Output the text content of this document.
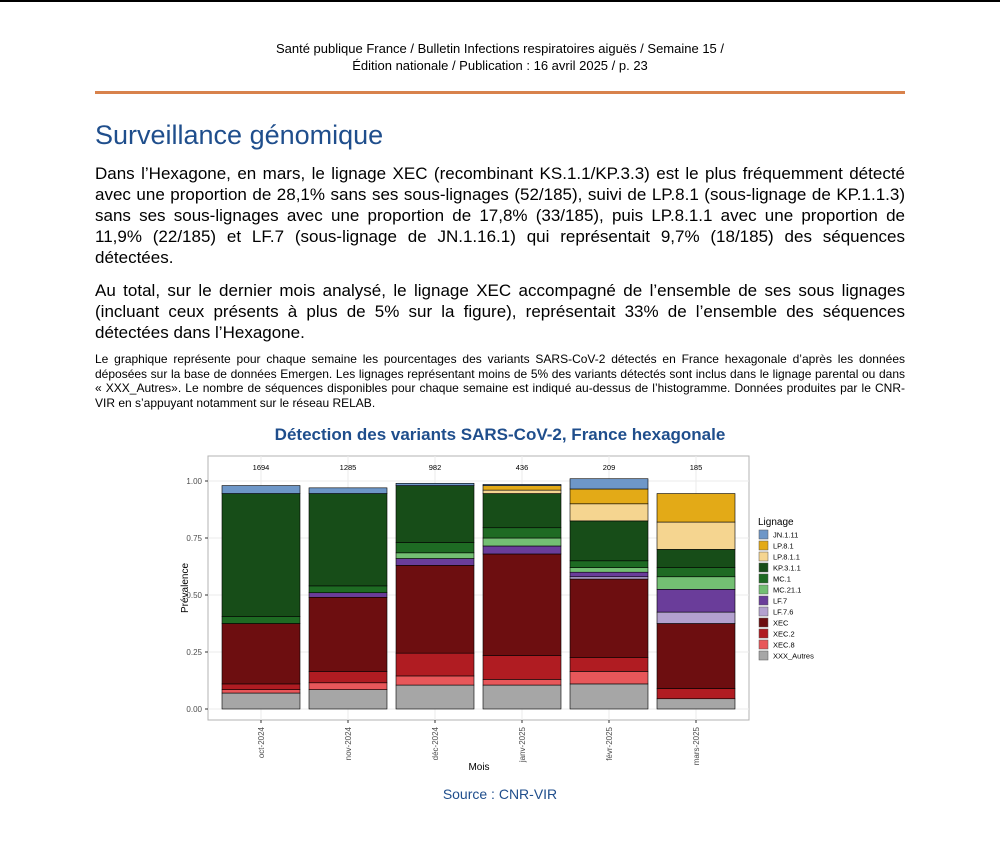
Santé publique France / Bulletin Infections respiratoires aiguës / Semaine 15 /
Édition nationale / Publication : 16 avril 2025 / p. 23
Surveillance génomique

Dans l’Hexagone, en mars, le lignage XEC (recombinant KS.1.1/KP.3.3) est le plus fréquemment détecté avec une proportion de 28,1% sans ses sous-lignages (52/185), suivi de LP.8.1 (sous-lignage de KP.1.1.3) sans ses sous-lignages avec une proportion de 17,8% (33/185), puis LP.8.1.1 avec une proportion de 11,9% (22/185) et LF.7 (sous-lignage de JN.1.16.1) qui représentait 9,7% (18/185) des séquences détectées.

Au total, sur le dernier mois analysé, le lignage XEC accompagné de l’ensemble de ses sous lignages (incluant ceux présents à plus de 5% sur la figure), représentait 33% de l’ensemble des séquences détectées dans l’Hexagone.

Le graphique représente pour chaque semaine les pourcentages des variants SARS-CoV-2 détectés en France hexagonale d’après les données déposées sur la base de données Emergen. Les lignages représentant moins de 5% des variants détectés sont inclus dans le lignage parental ou dans « XXX_Autres». Le nombre de séquences disponibles pour chaque semaine est indiqué au-dessus de l’histogramme. Données produites par le CNR-VIR en s’appuyant notamment sur le réseau RELAB.

Détection des variants SARS-CoV-2, France hexagonale
1694	1285	982	436	209	185
0.00
0.25
0.50
0.75
1.00
oct-2024	nov-2024	déc-2024	janv-2025	févr-2025	mars-2025
Prévalence
Mois
Lignage
JN.1.11
LP.8.1
LP.8.1.1
KP.3.1.1
MC.1
MC.21.1
LF.7
LF.7.6
XEC
XEC.2
XEC.8
XXX_Autres
Source : CNR-VIR
